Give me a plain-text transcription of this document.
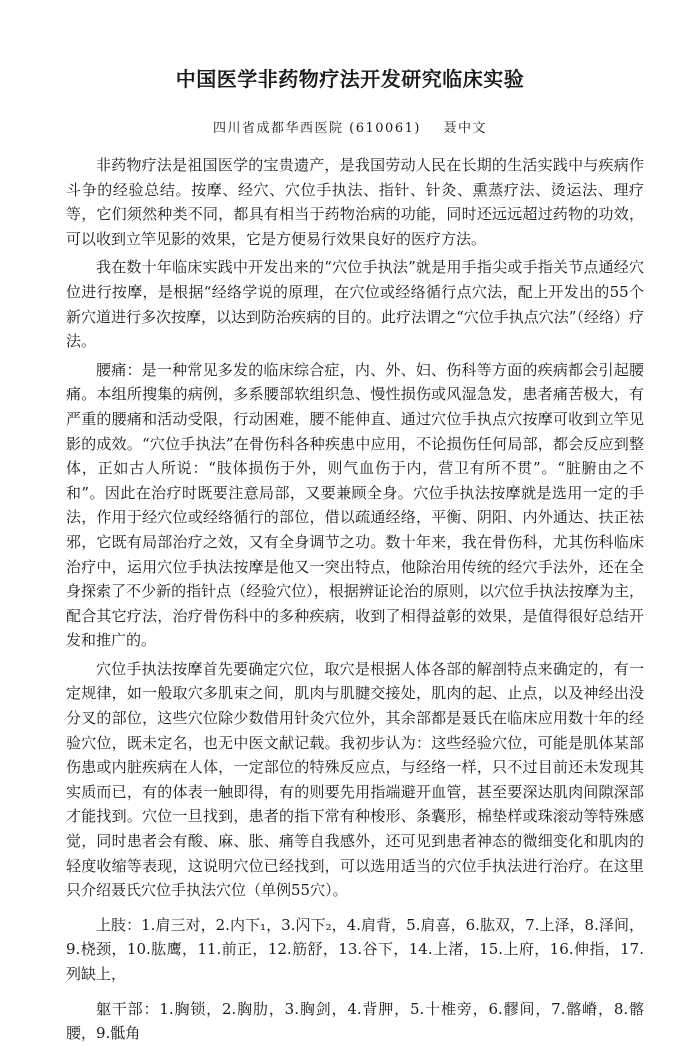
中国医学非药物疗法开发研究临床实验

四川省成都华西医院 (610061)    聂中文

非药物疗法是祖国医学的宝贵遗产，是我国劳动人民在长期的生活实践中与疾病作斗争的经验总结。按摩、经穴、穴位手执法、指针、针灸、熏蒸疗法、烫运法、理疗等，它们须然种类不同，都具有相当于药物治病的功能，同时还远远超过药物的功效，可以收到立竿见影的效果，它是方便易行效果良好的医疗方法。

我在数十年临床实践中开发出来的“穴位手执法”就是用手指尖或手指关节点通经穴位进行按摩，是根据“经络学说的原理，在穴位或经络循行点穴法，配上开发出的55个新穴道进行多次按摩，以达到防治疾病的目的。此疗法谓之“穴位手执点穴法”（经络）疗法。

腰痛：是一种常见多发的临床综合症，内、外、妇、伤科等方面的疾病都会引起腰痛。本组所搜集的病例，多系腰部软组织急、慢性损伤或风湿急发，患者痛苦极大，有严重的腰痛和活动受限，行动困难，腰不能伸直、通过穴位手执点穴按摩可收到立竿见影的成效。“穴位手执法”在骨伤科各种疾患中应用，不论损伤任何局部，都会反应到整体，正如古人所说：“肢体损伤于外，则气血伤于内，营卫有所不贯”。“脏腑由之不和”。因此在治疗时既要注意局部，又要兼顾全身。穴位手执法按摩就是选用一定的手法，作用于经穴位或经络循行的部位，借以疏通经络，平衡、阴阳、内外通达、扶正祛邪，它既有局部治疗之效，又有全身调节之功。数十年来，我在骨伤科，尤其伤科临床治疗中，运用穴位手执法按摩是他又一突出特点，他除治用传统的经穴手法外，还在全身探索了不少新的指针点（经验穴位），根据辨证论治的原则，以穴位手执法按摩为主，配合其它疗法，治疗骨伤科中的多种疾病，收到了相得益彰的效果，是值得很好总结开发和推广的。

穴位手执法按摩首先要确定穴位，取穴是根据人体各部的解剖特点来确定的，有一定规律，如一般取穴多肌束之间，肌肉与肌腱交接处，肌肉的起、止点，以及神经出没分叉的部位，这些穴位除少数借用针灸穴位外，其余部都是聂氏在临床应用数十年的经验穴位，既未定名，也无中医文献记载。我初步认为：这些经验穴位，可能是肌体某部伤患或内脏疾病在人体，一定部位的特殊反应点，与经络一样，只不过目前还未发现其实质而已，有的体表一触即得，有的则要先用指端避开血管，甚至要深达肌肉间隙深部才能找到。穴位一旦找到，患者的指下常有种梭形、条囊形，棉垫样或珠滚动等特殊感觉，同时患者会有酸、麻、胀、痛等自我感外，还可见到患者神态的微细变化和肌肉的轻度收缩等表现，这说明穴位已经找到，可以选用适当的穴位手执法进行治疗。在这里只介绍聂氏穴位手执法穴位（单例55穴）。

上肢：1.肩三对，2.内下₁，3.闪下₂，4.肩背，5.肩喜，6.肱双，7.上泽，8.泽间，9.桡颈，10.肱鹰，11.前正，12.筋舒，13.谷下，14.上渚，15.上府，16.伸指，17.列缺上，

躯干部：1.胸锁，2.胸肋，3.胸剑，4.背胛，5.十椎旁，6.髎间，7.髂嵴，8.髂腰，9.骶角
